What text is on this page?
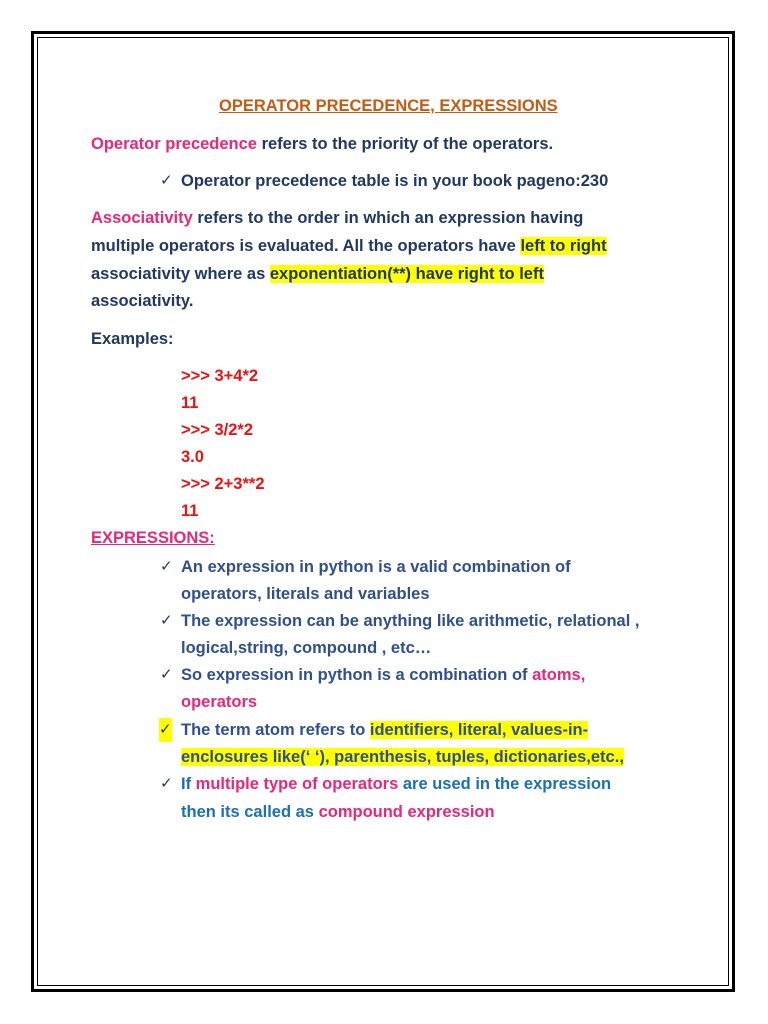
OPERATOR PRECEDENCE, EXPRESSIONS
Operator precedence refers to the priority of the operators.
✓ Operator precedence table is in your book pageno:230
Associativity refers to the order in which an expression having
multiple operators is evaluated. All the operators have left to right
associativity where as exponentiation(**) have right to left
associativity.
Examples:
>>> 3+4*2
11
>>> 3/2*2
3.0
>>> 2+3**2
11
EXPRESSIONS:
✓ An expression in python is a valid combination of
operators, literals and variables
✓ The expression can be anything like arithmetic, relational ,
logical,string, compound , etc…
✓ So expression in python is a combination of atoms,
operators
✓ The term atom refers to identifiers, literal, values-in-
enclosures like(‘ ‘), parenthesis, tuples, dictionaries,etc.,
✓ If multiple type of operators are used in the expression
then its called as compound expression
